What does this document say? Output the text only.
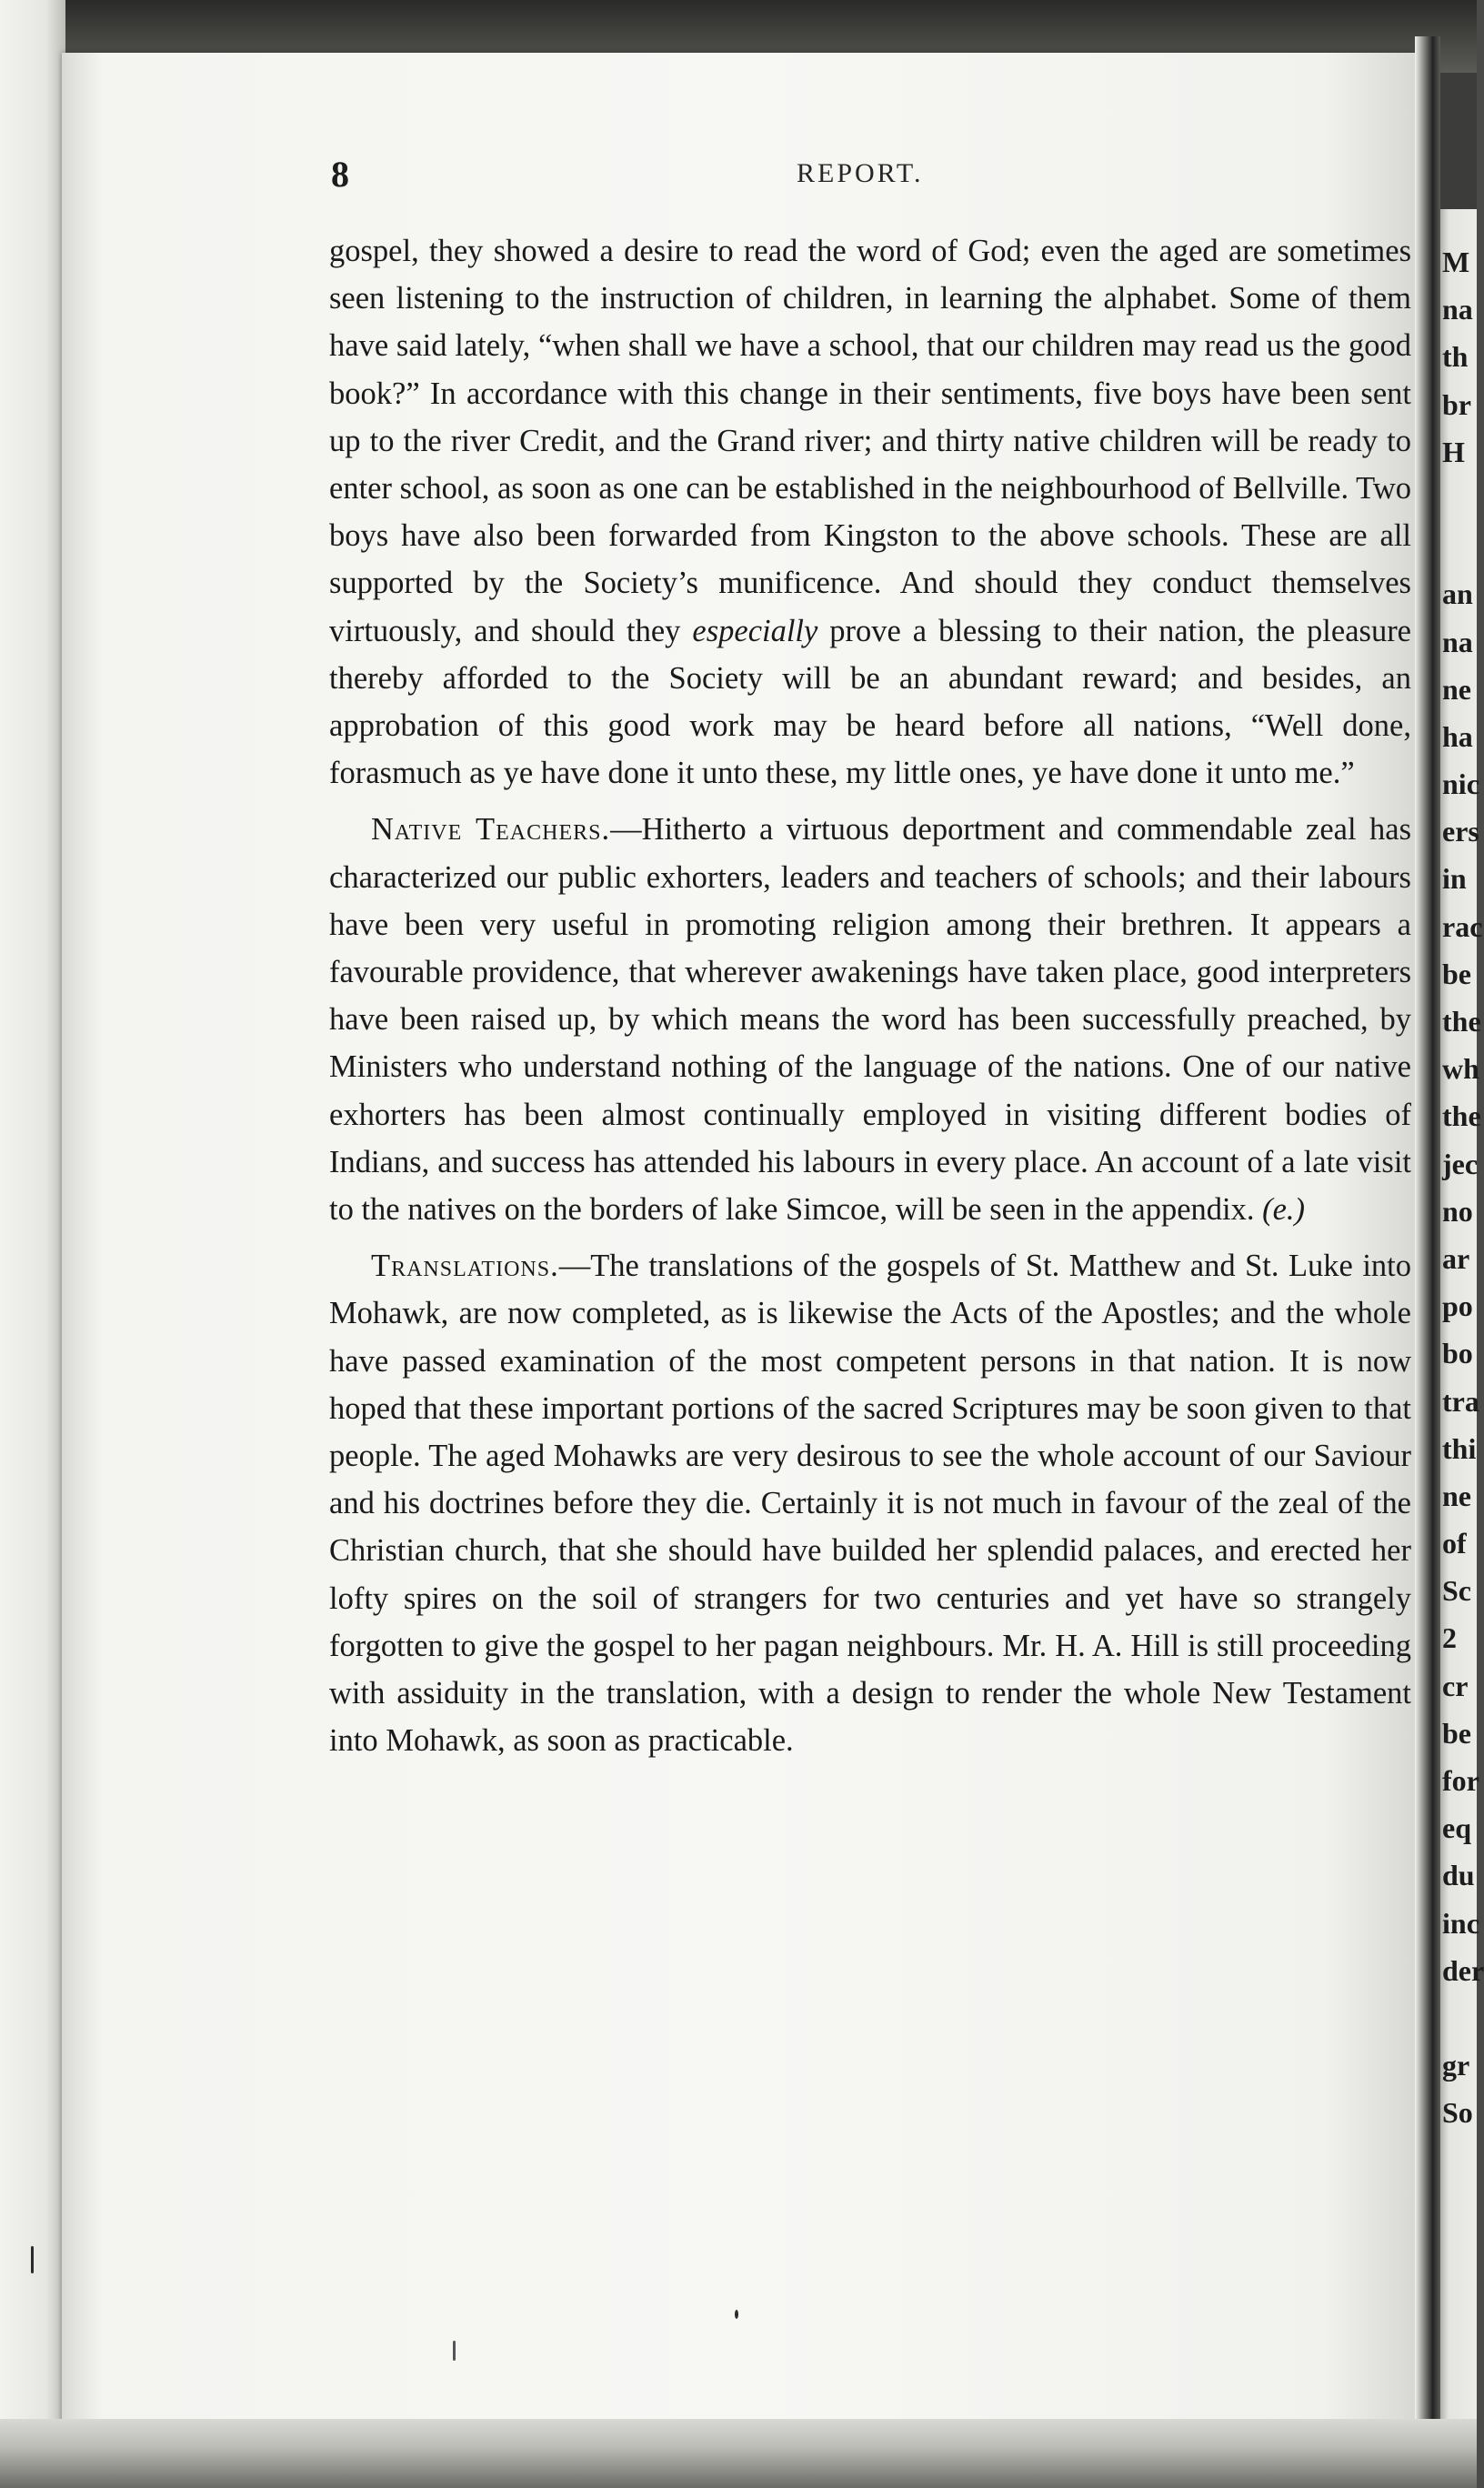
8	REPORT.

gospel, they showed a desire to read the word of God; even the aged are sometimes seen listening to the instruction of children, in learning the alphabet. Some of them have said lately, “when shall we have a school, that our children may read us the good book?” In accordance with this change in their sentiments, five boys have been sent up to the river Credit, and the Grand river; and thirty native children will be ready to enter school, as soon as one can be established in the neighbourhood of Bellville. Two boys have also been forwarded from Kingston to the above schools. These are all supported by the Society’s munificence. And should they conduct themselves virtuously, and should they especially prove a blessing to their nation, the pleasure thereby afforded to the Society will be an abundant reward; and besides, an approbation of this good work may be heard before all nations, “Well done, forasmuch as ye have done it unto these, my little ones, ye have done it unto me.”

Native Teachers.—Hitherto a virtuous deportment and commendable zeal has characterized our public exhorters, leaders and teachers of schools; and their labours have been very useful in promoting religion among their brethren. It appears a favourable providence, that wherever awakenings have taken place, good interpreters have been raised up, by which means the word has been successfully preached, by Ministers who understand nothing of the language of the nations. One of our native exhorters has been almost continually employed in visiting different bodies of Indians, and success has attended his labours in every place. An account of a late visit to the natives on the borders of lake Simcoe, will be seen in the appendix. (e.)

Translations.—The translations of the gospels of St. Matthew and St. Luke into Mohawk, are now completed, as is likewise the Acts of the Apostles; and the whole have passed examination of the most competent persons in that nation. It is now hoped that these important portions of the sacred Scriptures may be soon given to that people. The aged Mohawks are very desirous to see the whole account of our Saviour and his doctrines before they die. Certainly it is not much in favour of the zeal of the Christian church, that she should have builded her splendid palaces, and erected her lofty spires on the soil of strangers for two centuries and yet have so strangely forgotten to give the gospel to her pagan neighbours. Mr. H. A. Hill is still proceeding with assiduity in the translation, with a design to render the whole New Testament into Mohawk, as soon as practicable.

M
na
th
br
H
an
na
ne
ha
nic
ers
in
rac
be
the
wh
the
jec
no
ar
po
bo
tra
thi
ne
of
Sc
2
cr
be
for
eq
du
inc
der
gr
So
